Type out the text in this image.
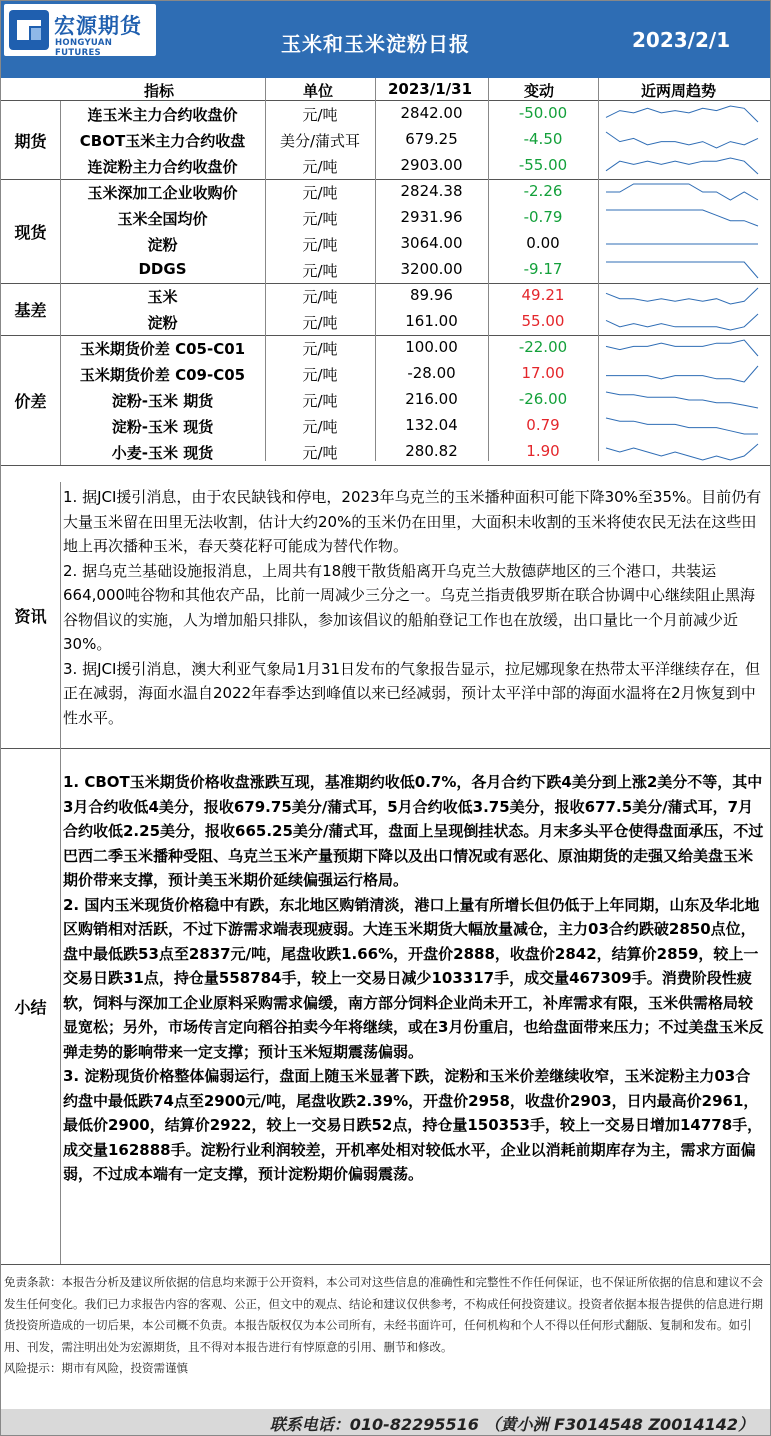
宏源期货
HONGYUAN FUTURES	玉米和玉米淀粉日报	2023/2/1
指标	单位	2023/1/31	变动	近两周趋势
期货
连玉米主力合约收盘价	元/吨	2842.00	-50.00
CBOT玉米主力合约收盘	美分/蒲式耳	679.25	-4.50
连淀粉主力合约收盘价	元/吨	2903.00	-55.00
现货
玉米深加工企业收购价	元/吨	2824.38	-2.26
玉米全国均价	元/吨	2931.96	-0.79
淀粉	元/吨	3064.00	0.00
DDGS	元/吨	3200.00	-9.17
基差
玉米	元/吨	89.96	49.21
淀粉	元/吨	161.00	55.00
价差
玉米期货价差 C05-C01	元/吨	100.00	-22.00
玉米期货价差 C09-C05	元/吨	-28.00	17.00
淀粉-玉米 期货	元/吨	216.00	-26.00
淀粉-玉米 现货	元/吨	132.04	0.79
小麦-玉米 现货	元/吨	280.82	1.90
资讯

1. 据JCI援引消息，由于农民缺钱和停电，2023年乌克兰的玉米播种面积可能下降30%至35%。目前仍有大量玉米留在田里无法收割，估计大约20%的玉米仍在田里，大面积未收割的玉米将使农民无法在这些田地上再次播种玉米，春天葵花籽可能成为替代作物。

2. 据乌克兰基础设施报消息，上周共有18艘干散货船离开乌克兰大敖德萨地区的三个港口，共装运664,000吨谷物和其他农产品，比前一周减少三分之一。乌克兰指责俄罗斯在联合协调中心继续阻止黑海谷物倡议的实施，人为增加船只排队，参加该倡议的船舶登记工作也在放缓，出口量比一个月前减少近30%。

3. 据JCI援引消息，澳大利亚气象局1月31日发布的气象报告显示，拉尼娜现象在热带太平洋继续存在，但正在减弱，海面水温自2022年春季达到峰值以来已经减弱，预计太平洋中部的海面水温将在2月恢复到中性水平。

小结

1. CBOT玉米期货价格收盘涨跌互现，基准期约收低0.7%，各月合约下跌4美分到上涨2美分不等，其中3月合约收低4美分，报收679.75美分/蒲式耳，5月合约收低3.75美分，报收677.5美分/蒲式耳，7月合约收低2.25美分，报收665.25美分/蒲式耳，盘面上呈现倒挂状态。月末多头平仓使得盘面承压，不过巴西二季玉米播种受阻、乌克兰玉米产量预期下降以及出口情况或有恶化、原油期货的走强又给美盘玉米期价带来支撑，预计美玉米期价延续偏强运行格局。

2. 国内玉米现货价格稳中有跌，东北地区购销清淡，港口上量有所增长但仍低于上年同期，山东及华北地区购销相对活跃，不过下游需求端表现疲弱。大连玉米期货大幅放量减仓，主力03合约跌破2850点位，盘中最低跌53点至2837元/吨，尾盘收跌1.66%，开盘价2888，收盘价2842，结算价2859，较上一交易日跌31点，持仓量558784手，较上一交易日减少103317手，成交量467309手。消费阶段性疲软，饲料与深加工企业原料采购需求偏缓，南方部分饲料企业尚未开工，补库需求有限，玉米供需格局较显宽松；另外，市场传言定向稻谷拍卖今年将继续，或在3月份重启，也给盘面带来压力；不过美盘玉米反弹走势的影响带来一定支撑；预计玉米短期震荡偏弱。

3. 淀粉现货价格整体偏弱运行，盘面上随玉米显著下跌，淀粉和玉米价差继续收窄，玉米淀粉主力03合约盘中最低跌74点至2900元/吨，尾盘收跌2.39%，开盘价2958，收盘价2903，日内最高价2961，最低价2900，结算价2922，较上一交易日跌52点，持仓量150353手，较上一交易日增加14778手，成交量162888手。淀粉行业利润较差，开机率处相对较低水平，企业以消耗前期库存为主，需求方面偏弱，不过成本端有一定支撑，预计淀粉期价偏弱震荡。

免责条款：本报告分析及建议所依据的信息均来源于公开资料，本公司对这些信息的准确性和完整性不作任何保证，也不保证所依据的信息和建议不会发生任何变化。我们已力求报告内容的客观、公正，但文中的观点、结论和建议仅供参考，不构成任何投资建议。投资者依据本报告提供的信息进行期货投资所造成的一切后果，本公司概不负责。本报告版权仅为本公司所有，未经书面许可，任何机构和个人不得以任何形式翻版、复制和发布。如引用、刊发，需注明出处为宏源期货，且不得对本报告进行有悖原意的引用、删节和修改。

风险提示：期市有风险，投资需谨慎

联系电话：010-82295516 （黄小洲 F3014548 Z0014142）
